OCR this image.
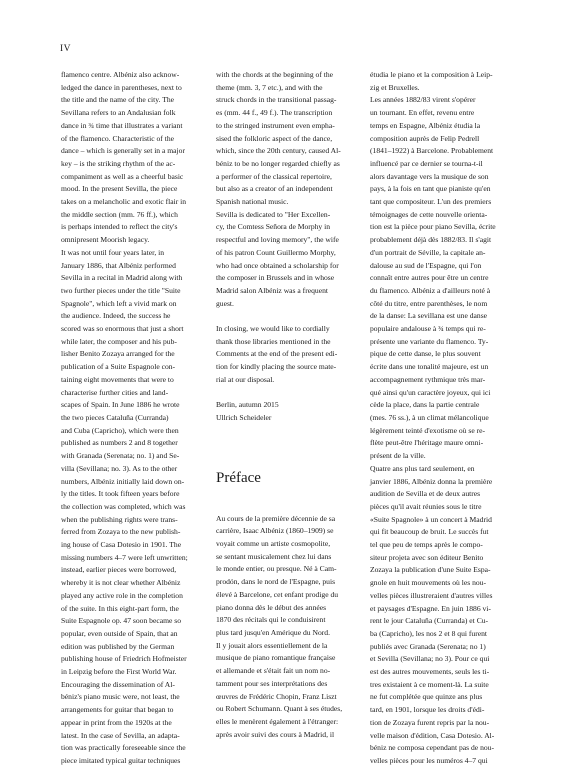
IV
flamenco centre. Albéniz also acknow-
ledged the dance in parentheses, next to
the title and the name of the city. The
Sevillana refers to an Andalusian folk
dance in ¾ time that illustrates a variant
of the flamenco. Characteristic of the
dance – which is generally set in a major
key – is the striking rhythm of the ac-
companiment as well as a cheerful basic
mood. In the present Sevilla, the piece
takes on a melancholic and exotic flair in
the middle section (mm. 76 ff.), which
is perhaps intended to reflect the city's
omnipresent Moorish legacy.
It was not until four years later, in
January 1886, that Albéniz performed
Sevilla in a recital in Madrid along with
two further pieces under the title "Suite
Spagnole", which left a vivid mark on
the audience. Indeed, the success he
scored was so enormous that just a short
while later, the composer and his pub-
lisher Benito Zozaya arranged for the
publication of a Suite Espagnole con-
taining eight movements that were to
characterise further cities and land-
scapes of Spain. In June 1886 he wrote
the two pieces Cataluña (Curranda)
and Cuba (Capricho), which were then
published as numbers 2 and 8 together
with Granada (Serenata; no. 1) and Se-
villa (Sevillana; no. 3). As to the other
numbers, Albéniz initially laid down on-
ly the titles. It took fifteen years before
the collection was completed, which was
when the publishing rights were trans-
ferred from Zozaya to the new publish-
ing house of Casa Dotesio in 1901. The
missing numbers 4–7 were left unwritten;
instead, earlier pieces were borrowed,
whereby it is not clear whether Albéniz
played any active role in the completion
of the suite. In this eight-part form, the
Suite Espagnole op. 47 soon became so
popular, even outside of Spain, that an
edition was published by the German
publishing house of Friedrich Hofmeister
in Leipzig before the First World War.
Encouraging the dissemination of Al-
béniz's piano music were, not least, the
arrangements for guitar that began to
appear in print from the 1920s at the
latest. In the case of Sevilla, an adapta-
tion was practically foreseeable since the
piece imitated typical guitar techniques
with the chords at the beginning of the
theme (mm. 3, 7 etc.), and with the
struck chords in the transitional passag-
es (mm. 44 f., 49 f.). The transcription
to the stringed instrument even empha-
sised the folkloric aspect of the dance,
which, since the 20th century, caused Al-
béniz to be no longer regarded chiefly as
a performer of the classical repertoire,
but also as a creator of an independent
Spanish national music.
Sevilla is dedicated to "Her Excellen-
cy, the Comtess Señora de Morphy in
respectful and loving memory", the wife
of his patron Count Guillermo Morphy,
who had once obtained a scholarship for
the composer in Brussels and in whose
Madrid salon Albéniz was a frequent
guest.
In closing, we would like to cordially
thank those libraries mentioned in the
Comments at the end of the present edi-
tion for kindly placing the source mate-
rial at our disposal.
Berlin, autumn 2015
Ullrich Scheideler
Préface
Au cours de la première décennie de sa
carrière, Isaac Albéniz (1860–1909) se
voyait comme un artiste cosmopolite,
se sentant musicalement chez lui dans
le monde entier, ou presque. Né à Cam-
prodón, dans le nord de l'Espagne, puis
élevé à Barcelone, cet enfant prodige du
piano donna dès le début des années
1870 des récitals qui le conduisirent
plus tard jusqu'en Amérique du Nord.
Il y jouait alors essentiellement de la
musique de piano romantique française
et allemande et s'était fait un nom no-
tamment pour ses interprétations des
œuvres de Frédéric Chopin, Franz Liszt
ou Robert Schumann. Quant à ses études,
elles le menèrent également à l'étranger:
après avoir suivi des cours à Madrid, il
étudia le piano et la composition à Leip-
zig et Bruxelles.
Les années 1882/83 virent s'opérer
un tournant. En effet, revenu entre
temps en Espagne, Albéniz étudia la
composition auprès de Felip Pedrell
(1841–1922) à Barcelone. Probablement
influencé par ce dernier se tourna-t-il
alors davantage vers la musique de son
pays, à la fois en tant que pianiste qu'en
tant que compositeur. L'un des premiers
témoignages de cette nouvelle orienta-
tion est la pièce pour piano Sevilla, écrite
probablement déjà dès 1882/83. Il s'agit
d'un portrait de Séville, la capitale an-
dalouse au sud de l'Espagne, qui l'on
connaît entre autres pour être un centre
du flamenco. Albéniz a d'ailleurs noté à
côté du titre, entre parenthèses, le nom
de la danse: La sevillana est une danse
populaire andalouse à ¾ temps qui re-
présente une variante du flamenco. Ty-
pique de cette danse, le plus souvent
écrite dans une tonalité majeure, est un
accompagnement rythmique très mar-
qué ainsi qu'un caractère joyeux, qui ici
cède la place, dans la partie centrale
(mes. 76 ss.), à un climat mélancolique
légèrement teinté d'exotisme où se re-
flète peut-être l'héritage maure omni-
présent de la ville.
Quatre ans plus tard seulement, en
janvier 1886, Albéniz donna la première
audition de Sevilla et de deux autres
pièces qu'il avait réunies sous le titre
«Suite Spagnole» à un concert à Madrid
qui fit beaucoup de bruit. Le succès fut
tel que peu de temps après le compo-
siteur projeta avec son éditeur Benito
Zozaya la publication d'une Suite Espa-
gnole en huit mouvements où les nou-
velles pièces illustreraient d'autres villes
et paysages d'Espagne. En juin 1886 vi-
rent le jour Cataluña (Curranda) et Cu-
ba (Capricho), les nos 2 et 8 qui furent
publiés avec Granada (Serenata; no 1)
et Sevilla (Sevillana; no 3). Pour ce qui
est des autres mouvements, seuls les ti-
tres existaient à ce moment-là. La suite
ne fut complétée que quinze ans plus
tard, en 1901, lorsque les droits d'édi-
tion de Zozaya furent repris par la nou-
velle maison d'édition, Casa Dotesio. Al-
béniz ne composa cependant pas de nou-
velles pièces pour les numéros 4–7 qui
